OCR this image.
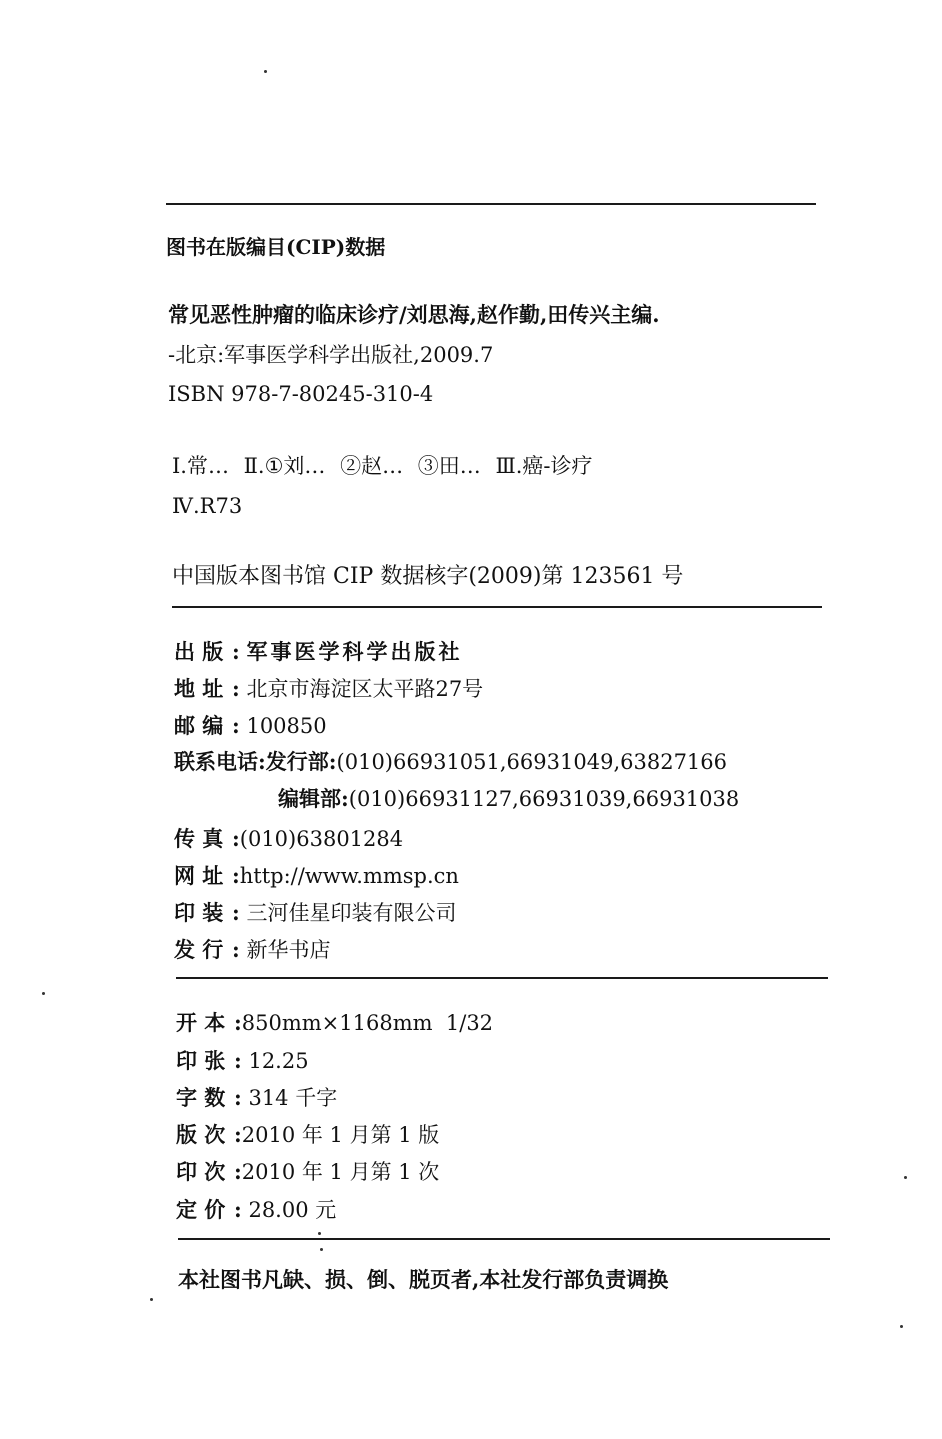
图书在版编目(CIP)数据
常见恶性肿瘤的临床诊疗/刘思海,赵作勤,田传兴主编.
-北京:军事医学科学出版社,2009.7
ISBN 978-7-80245-310-4
Ⅰ.常… Ⅱ.①刘… ②赵… ③田… Ⅲ.癌-诊疗
Ⅳ.R73
中国版本图书馆 CIP 数据核字(2009)第 123561 号
出 版 : 军事医学科学出版社
地 址 : 北京市海淀区太平路27号
邮 编 : 100850
联系电话:发行部:(010)66931051,66931049,63827166
编辑部:(010)66931127,66931039,66931038
传 真 :(010)63801284
网 址 :http://www.mmsp.cn
印 装 : 三河佳星印装有限公司
发 行 : 新华书店
开 本 :850mm×1168mm  1/32
印 张 : 12.25
字 数 : 314 千字
版 次 :2010 年 1 月第 1 版
印 次 :2010 年 1 月第 1 次
定 价 : 28.00 元
本社图书凡缺、损、倒、脱页者,本社发行部负责调换
